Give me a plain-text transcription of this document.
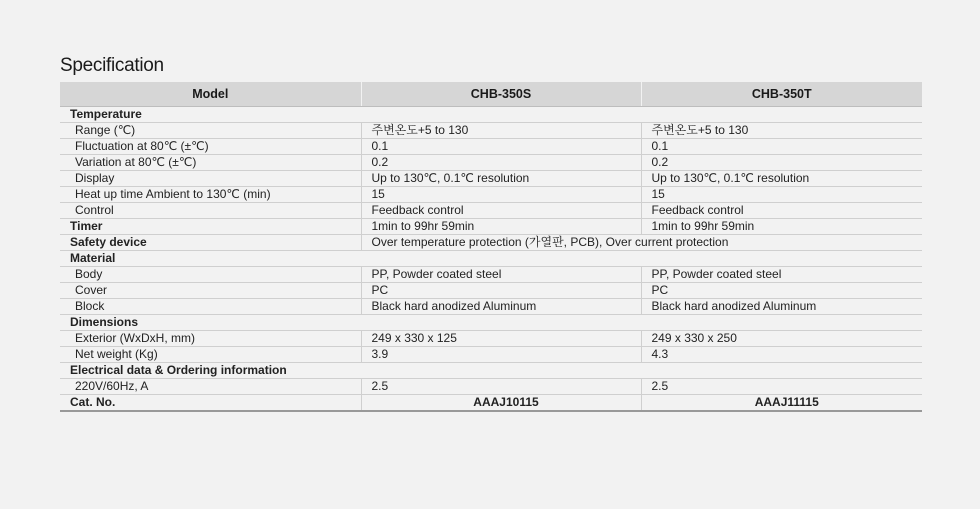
Specification
Model	CHB-350S	CHB-350T
Temperature		
Range (℃)	주변온도+5 to 130	주변온도+5 to 130
Fluctuation at 80℃ (±℃)	0.1	0.1
Variation at 80℃ (±℃)	0.2	0.2
Display	Up to 130℃, 0.1℃ resolution	Up to 130℃, 0.1℃ resolution
Heat up time Ambient to 130℃ (min)	15	15
Control	Feedback control	Feedback control
Timer	1min to 99hr 59min	1min to 99hr 59min
Safety device	Over temperature protection (가열판, PCB), Over current protection	
Material		
Body	PP, Powder coated steel	PP, Powder coated steel
Cover	PC	PC
Block	Black hard anodized Aluminum	Black hard anodized Aluminum
Dimensions		
Exterior (WxDxH, mm)	249 x 330 x 125	249 x 330 x 250
Net weight (Kg)	3.9	4.3
Electrical data & Ordering information		
220V/60Hz, A	2.5	2.5
Cat. No.	AAAJ10115	AAAJ11115
